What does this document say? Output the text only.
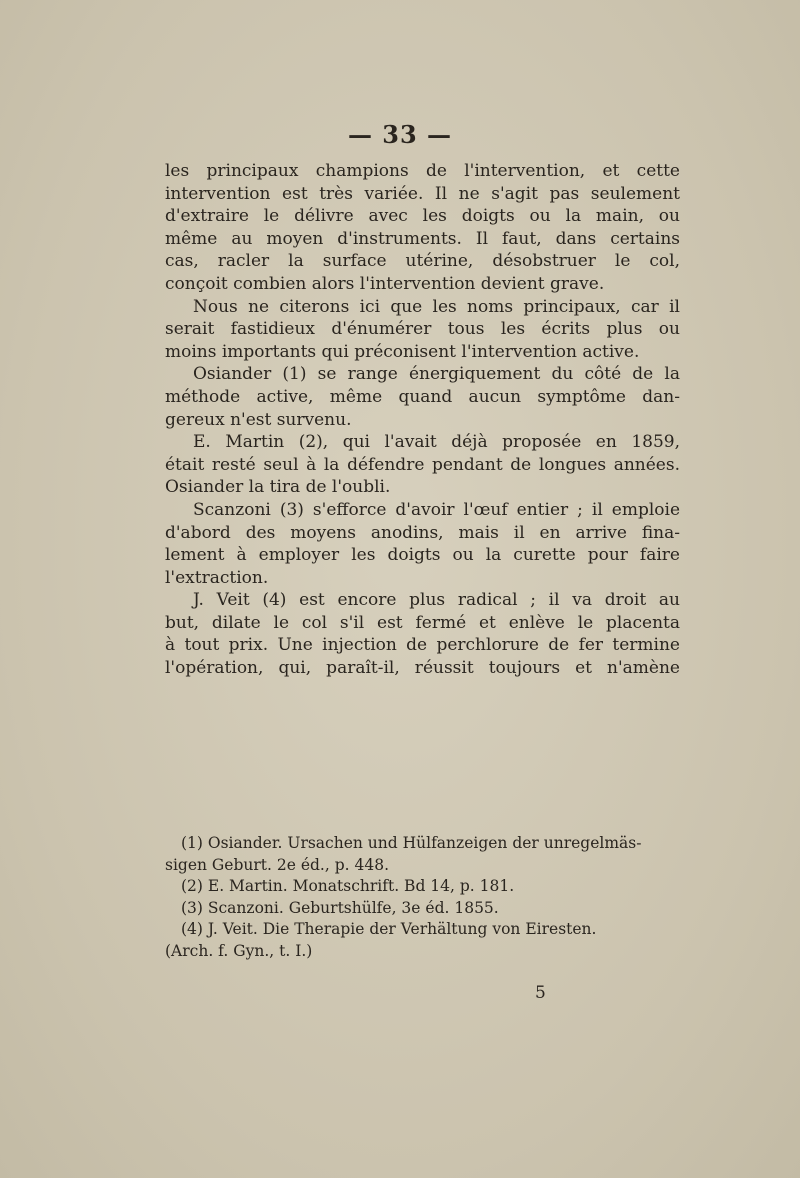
— 33 —
les principaux champions de l'intervention, et cette
intervention est très variée. Il ne s'agit pas seulement
d'extraire le délivre avec les doigts ou la main, ou
même au moyen d'instruments. Il faut, dans certains
cas, racler la surface utérine, désobstruer le col,
conçoit combien alors l'intervention devient grave.
Nous ne citerons ici que les noms principaux, car il
serait fastidieux d'énumérer tous les écrits plus ou
moins importants qui préconisent l'intervention active.
Osiander (1) se range énergiquement du côté de la
méthode active, même quand aucun symptôme dan-
gereux n'est survenu.
E. Martin (2), qui l'avait déjà proposée en 1859,
était resté seul à la défendre pendant de longues années.
Osiander la tira de l'oubli.
Scanzoni (3) s'efforce d'avoir l'œuf entier ; il emploie
d'abord des moyens anodins, mais il en arrive fina-
lement à employer les doigts ou la curette pour faire
l'extraction.
J. Veit (4) est encore plus radical ; il va droit au
but, dilate le col s'il est fermé et enlève le placenta
à tout prix. Une injection de perchlorure de fer termine
l'opération, qui, paraît-il, réussit toujours et n'amène
(1) Osiander. Ursachen und Hülfanzeigen der unregelmäs-
sigen Geburt. 2e éd., p. 448.
(2) E. Martin. Monatschrift. Bd 14, p. 181.
(3) Scanzoni. Geburtshülfe, 3e éd. 1855.
(4) J. Veit. Die Therapie der Verhältung von Eiresten.
(Arch. f. Gyn., t. I.)
5
